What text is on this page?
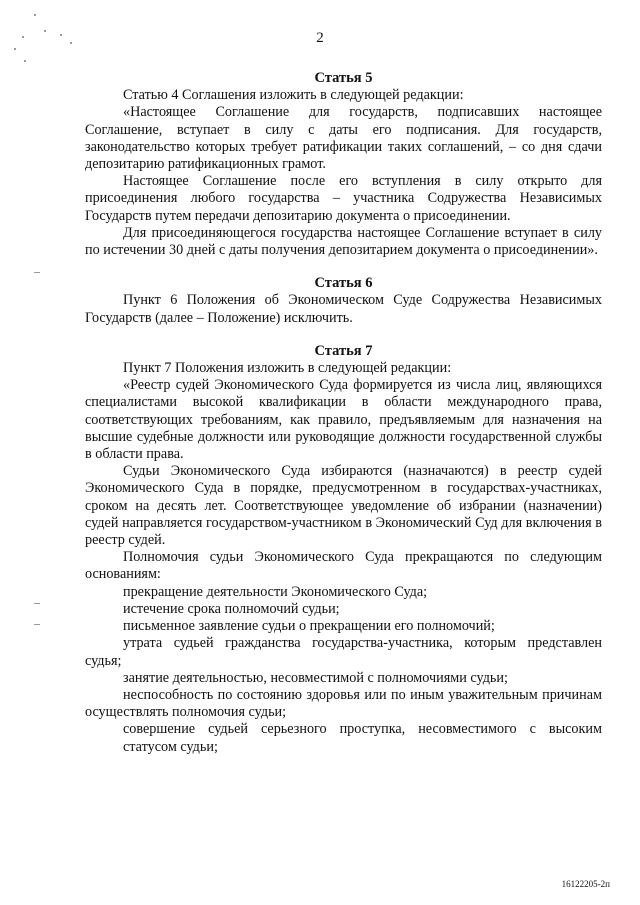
2
Статья 5

Статью 4 Соглашения изложить в следующей редакции:

«Настоящее Соглашение для государств, подписавших настоящее Соглашение, вступает в силу с даты его подписания. Для государств, законодательство которых требует ратификации таких соглашений, – со дня сдачи депозитарию ратификационных грамот.

Настоящее Соглашение после его вступления в силу открыто для присоединения любого государства – участника Содружества Независимых Государств путем передачи депозитарию документа о присоединении.

Для присоединяющегося государства настоящее Соглашение вступает в силу по истечении 30 дней с даты получения депозитарием документа о присоединении».

Статья 6

Пункт 6 Положения об Экономическом Суде Содружества Независимых Государств (далее – Положение) исключить.

Статья 7

Пункт 7 Положения изложить в следующей редакции:

«Реестр судей Экономического Суда формируется из числа лиц, являющихся специалистами высокой квалификации в области международного права, соответствующих требованиям, как правило, предъявляемым для назначения на высшие судебные должности или руководящие должности государственной службы в области права.

Судьи Экономического Суда избираются (назначаются) в реестр судей Экономического Суда в порядке, предусмотренном в государствах-участниках, сроком на десять лет. Соответствующее уведомление об избрании (назначении) судей направляется государством-участником в Экономический Суд для включения в реестр судей.

Полномочия судьи Экономического Суда прекращаются по следующим основаниям:

прекращение деятельности Экономического Суда;

истечение срока полномочий судьи;

письменное заявление судьи о прекращении его полномочий;

утрата судьей гражданства государства-участника, которым представлен судья;

занятие деятельностью, несовместимой с полномочиями судьи;

неспособность по состоянию здоровья или по иным уважительным причинам осуществлять полномочия судьи;

совершение судьей серьезного проступка, несовместимого с высоким статусом судьи;

16122205-2п
